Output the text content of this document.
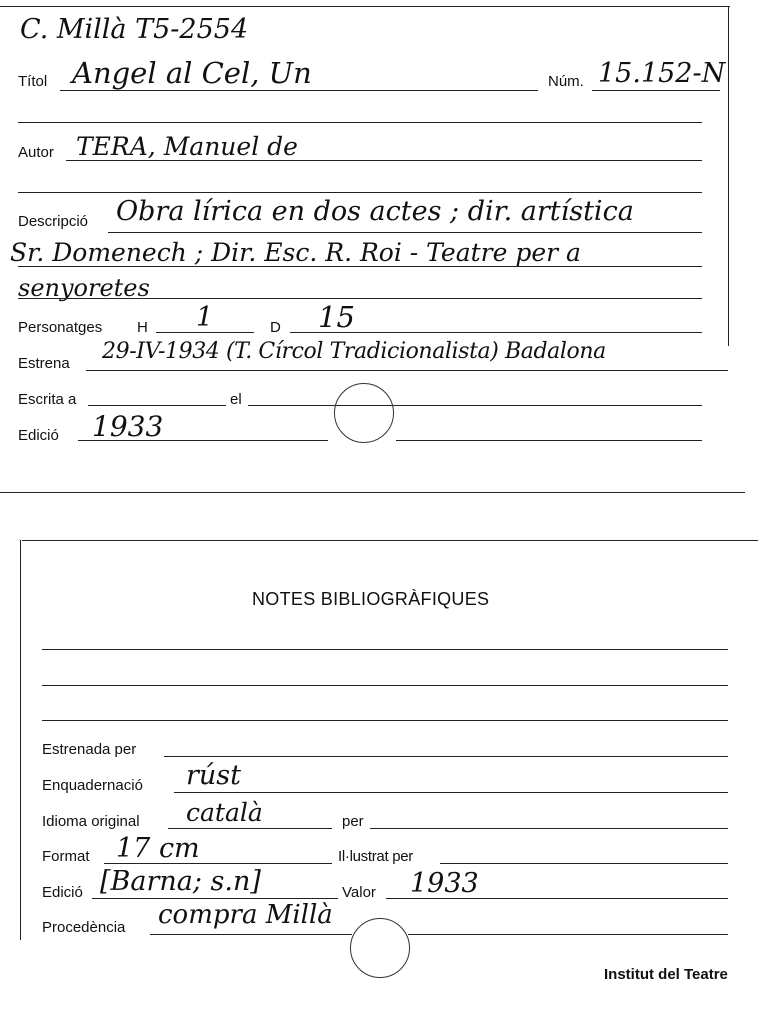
C. Millà T5-2554
Títol Angel al Cel, Un	Núm. 15.152-N
Autor TERA, Manuel de
Descripció Obra lírica en dos actes ; dir. artística
Sr. Domenech ; Dir. Esc. R. Roi - Teatre per a
senyoretes
Personatges H 1	D 15
Estrena 29-IV-1934 (T. Círcol Tradicionalista) Badalona
Escrita a	el
Edició 1933
NOTES BIBLIOGRÀFIQUES
Estrenada per
Enquadernació rúst
Idioma original català	per
Format 17 cm	Il·lustrat per
Edició [Barna; s.n]	Valor 1933
Procedència compra Millà
Institut del Teatre
